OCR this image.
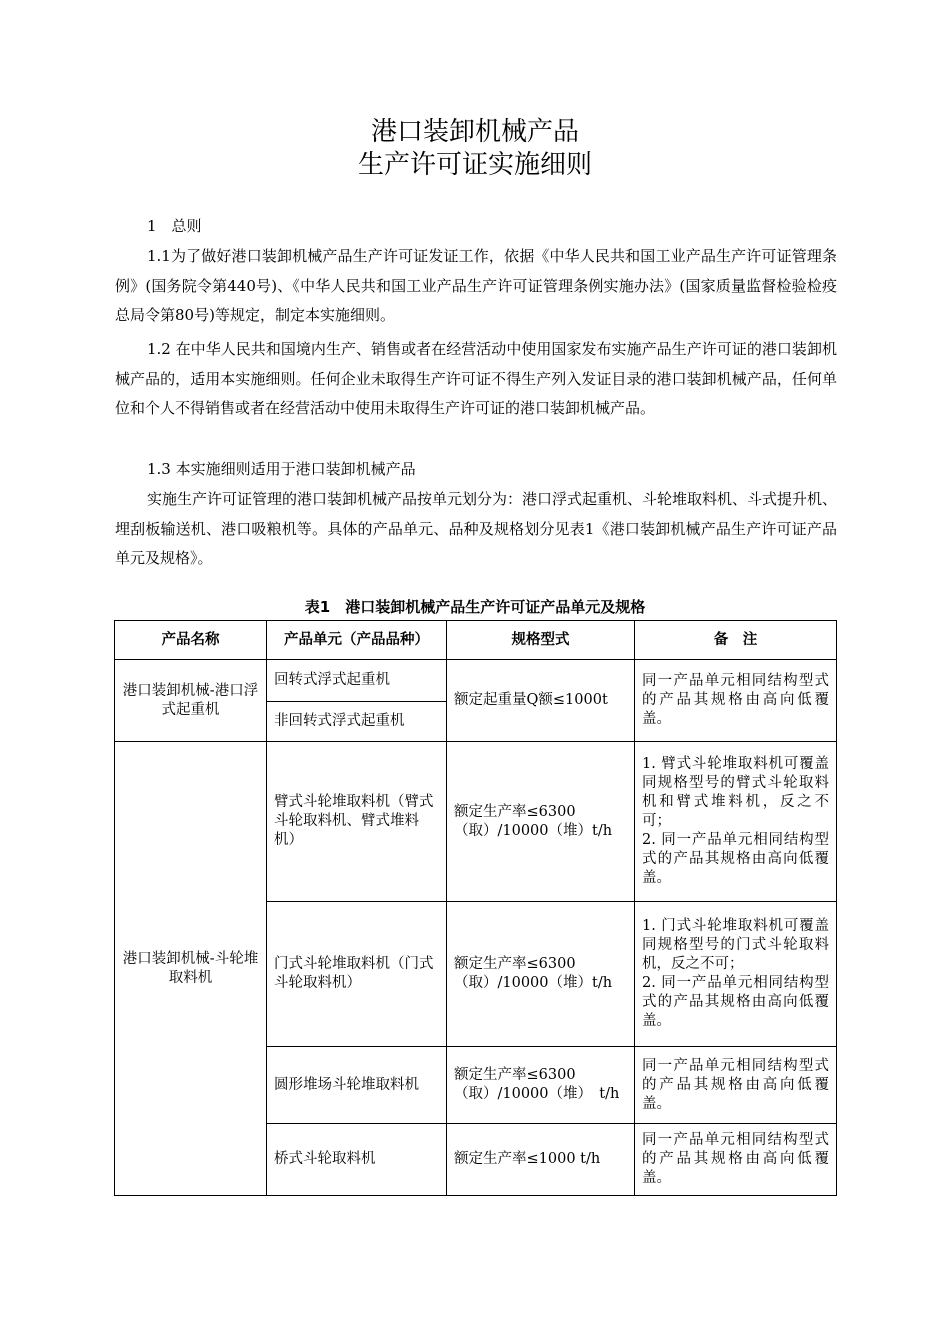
港口装卸机械产品
生产许可证实施细则

1　总则

1.1为了做好港口装卸机械产品生产许可证发证工作，依据《中华人民共和国工业产品生产许可证管理条例》(国务院令第440号)、《中华人民共和国工业产品生产许可证管理条例实施办法》(国家质量监督检验检疫总局令第80号)等规定，制定本实施细则。

1.2 在中华人民共和国境内生产、销售或者在经营活动中使用国家发布实施产品生产许可证的港口装卸机械产品的，适用本实施细则。任何企业未取得生产许可证不得生产列入发证目录的港口装卸机械产品，任何单位和个人不得销售或者在经营活动中使用未取得生产许可证的港口装卸机械产品。

1.3 本实施细则适用于港口装卸机械产品

实施生产许可证管理的港口装卸机械产品按单元划分为：港口浮式起重机、斗轮堆取料机、斗式提升机、埋刮板输送机、港口吸粮机等。具体的产品单元、品种及规格划分见表1《港口装卸机械产品生产许可证产品单元及规格》。

表1　港口装卸机械产品生产许可证产品单元及规格
产品名称	产品单元（产品品种）	规格型式	备　注
港口装卸机械-港口浮式起重机	回转式浮式起重机	额定起重量Q额≤1000t	同一产品单元相同结构型式的产品其规格由高向低覆盖。
	非回转式浮式起重机		
港口装卸机械-斗轮堆取料机	臂式斗轮堆取料机（臂式斗轮取料机、臂式堆料机）	额定生产率≤6300（取）/10000（堆）t/h	1. 臂式斗轮堆取料机可覆盖同规格型号的臂式斗轮取料机和臂式堆料机，反之不可；
2. 同一产品单元相同结构型式的产品其规格由高向低覆盖。
	门式斗轮堆取料机（门式斗轮取料机）	额定生产率≤6300（取）/10000（堆）t/h	1. 门式斗轮堆取料机可覆盖同规格型号的门式斗轮取料机，反之不可；
2. 同一产品单元相同结构型式的产品其规格由高向低覆盖。
	圆形堆场斗轮堆取料机	额定生产率≤6300（取）/10000（堆）　t/h	同一产品单元相同结构型式的产品其规格由高向低覆盖。
	桥式斗轮取料机	额定生产率≤1000 t/h	同一产品单元相同结构型式的产品其规格由高向低覆盖。
